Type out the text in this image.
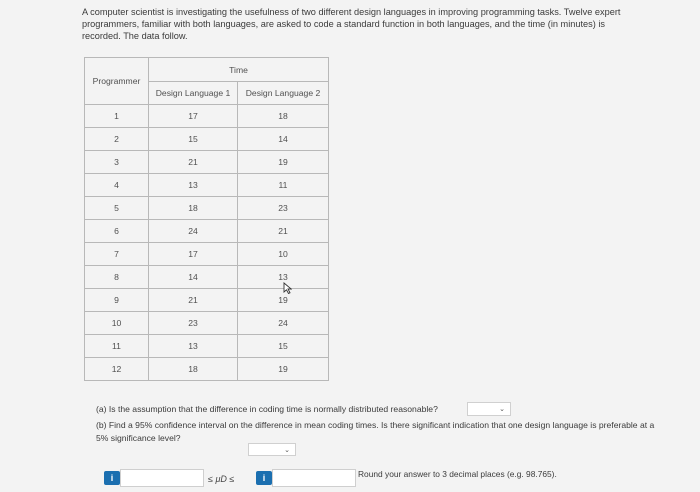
A computer scientist is investigating the usefulness of two different design languages in improving programming tasks. Twelve expert programmers, familiar with both languages, are asked to code a standard function in both languages, and the time (in minutes) is recorded. The data follow.
Programmer	Time	
	Design Language 1	Design Language 2
1	17	18
2	15	14
3	21	19
4	13	11
5	18	23
6	24	21
7	17	10
8	14	13
9	21	19
10	23	24
11	13	15
12	18	19
(a) Is the assumption that the difference in coding time is normally distributed reasonable?	⌄
(b) Find a 95% confidence interval on the difference in mean coding times. Is there significant indication that one design language is preferable at a 5% significance level?
⌄
i	≤ μD ≤	i	Round your answer to 3 decimal places (e.g. 98.765).
